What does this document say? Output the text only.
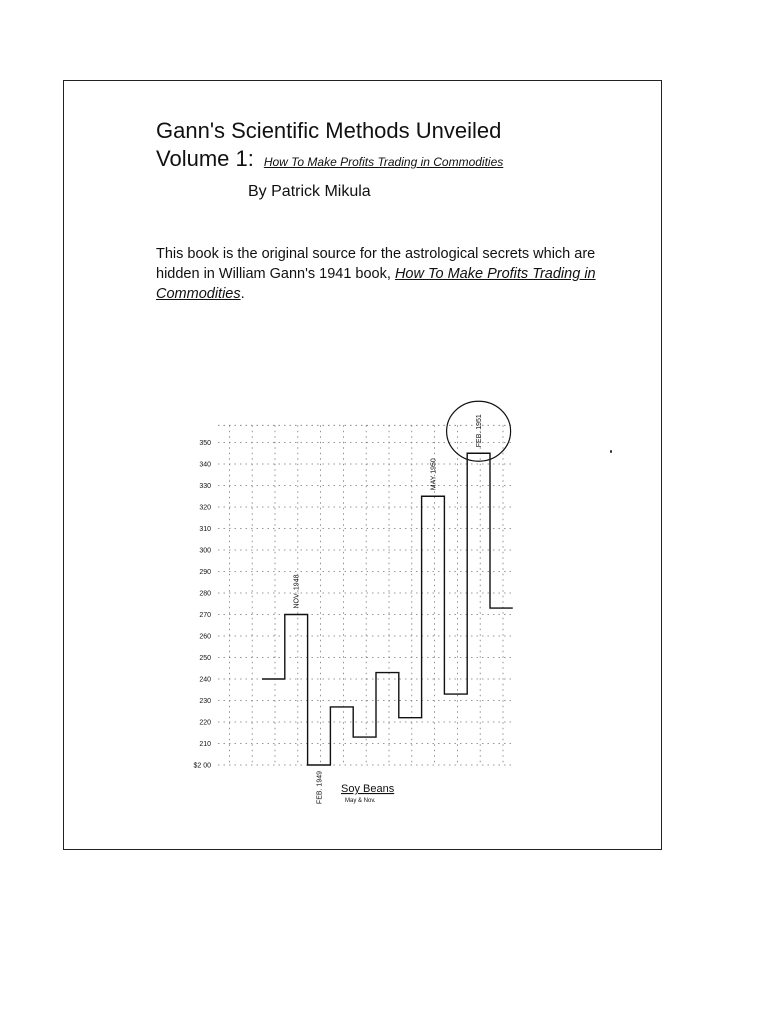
Gann's Scientific Methods Unveiled
Volume 1: How To Make Profits Trading in Commodities
By Patrick Mikula
This book is the original source for the astrological secrets which are hidden in William Gann's 1941 book, How To Make Profits Trading in Commodities.
$2 00
210
220
230
240
250
260
270
280
290
300
310
320
330
340
350
NOV. 1948
FEB. 1949
MAY 1950
FEB. 1951
Soy Beans
May & Nov.
